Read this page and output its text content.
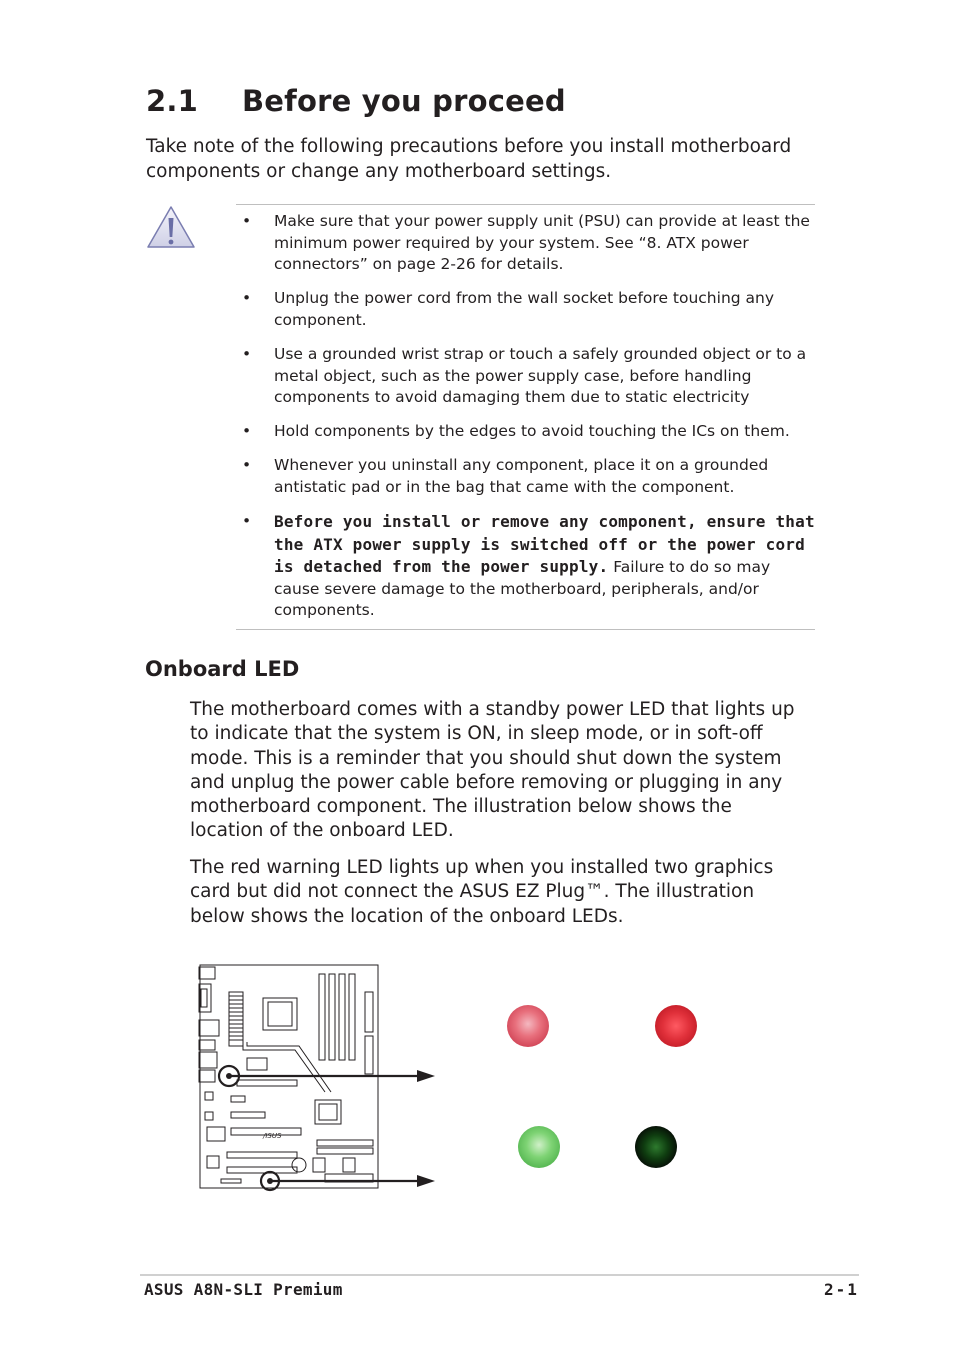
2.1 Before you proceed

Take note of the following precautions before you install motherboard components or change any motherboard settings.

• Make sure that your power supply unit (PSU) can provide at least the minimum power required by your system. See “8. ATX power connectors” on page 2-26 for details.
• Unplug the power cord from the wall socket before touching any component.
• Use a grounded wrist strap or touch a safely grounded object or to a metal object, such as the power supply case, before handling components to avoid damaging them due to static electricity
• Hold components by the edges to avoid touching the ICs on them.
• Whenever you uninstall any component, place it on a grounded antistatic pad or in the bag that came with the component.
• Before you install or remove any component, ensure that the ATX power supply is switched off or the power cord is detached from the power supply. Failure to do so may cause severe damage to the motherboard, peripherals, and/or components.
Onboard LED

The motherboard comes with a standby power LED that lights up to indicate that the system is ON, in sleep mode, or in soft-off mode. This is a reminder that you should shut down the system and unplug the power cable before removing or plugging in any motherboard component. The illustration below shows the location of the onboard LED.

The red warning LED lights up when you installed two graphics card but did not connect the ASUS EZ Plug™. The illustration below shows the location of the onboard LEDs.

/ISUS
ASUS A8N-SLI Premium	2-1
